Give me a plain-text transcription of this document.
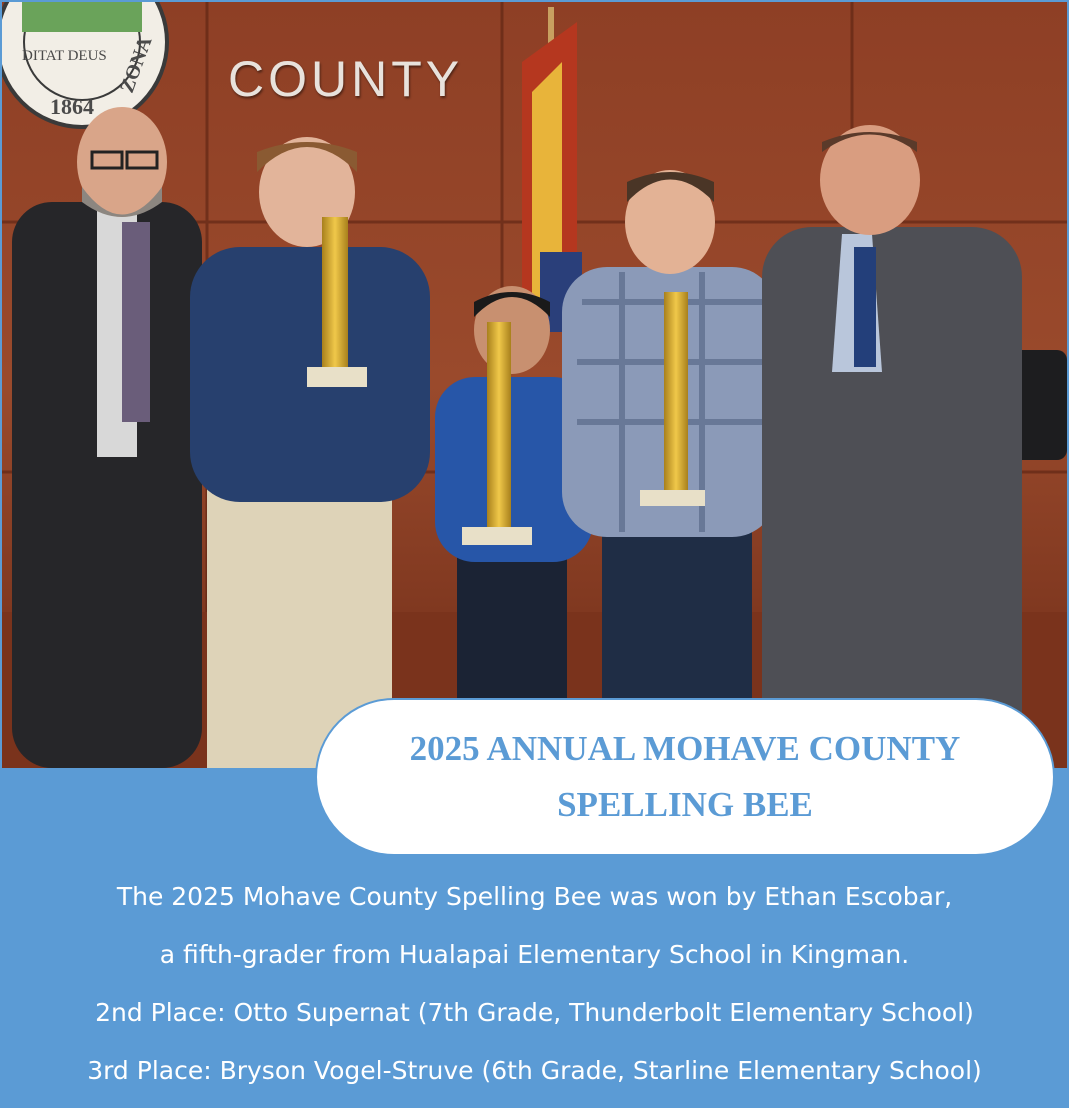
DITAT DEUS
1864
ZONA COUNTY
2025 ANNUAL MOHAVE COUNTY
SPELLING BEE
The 2025 Mohave County Spelling Bee was won by Ethan Escobar,
a fifth-grader from Hualapai Elementary School in Kingman.
2nd Place: Otto Supernat (7th Grade, Thunderbolt Elementary School)
3rd Place: Bryson Vogel-Struve (6th Grade, Starline Elementary School)
